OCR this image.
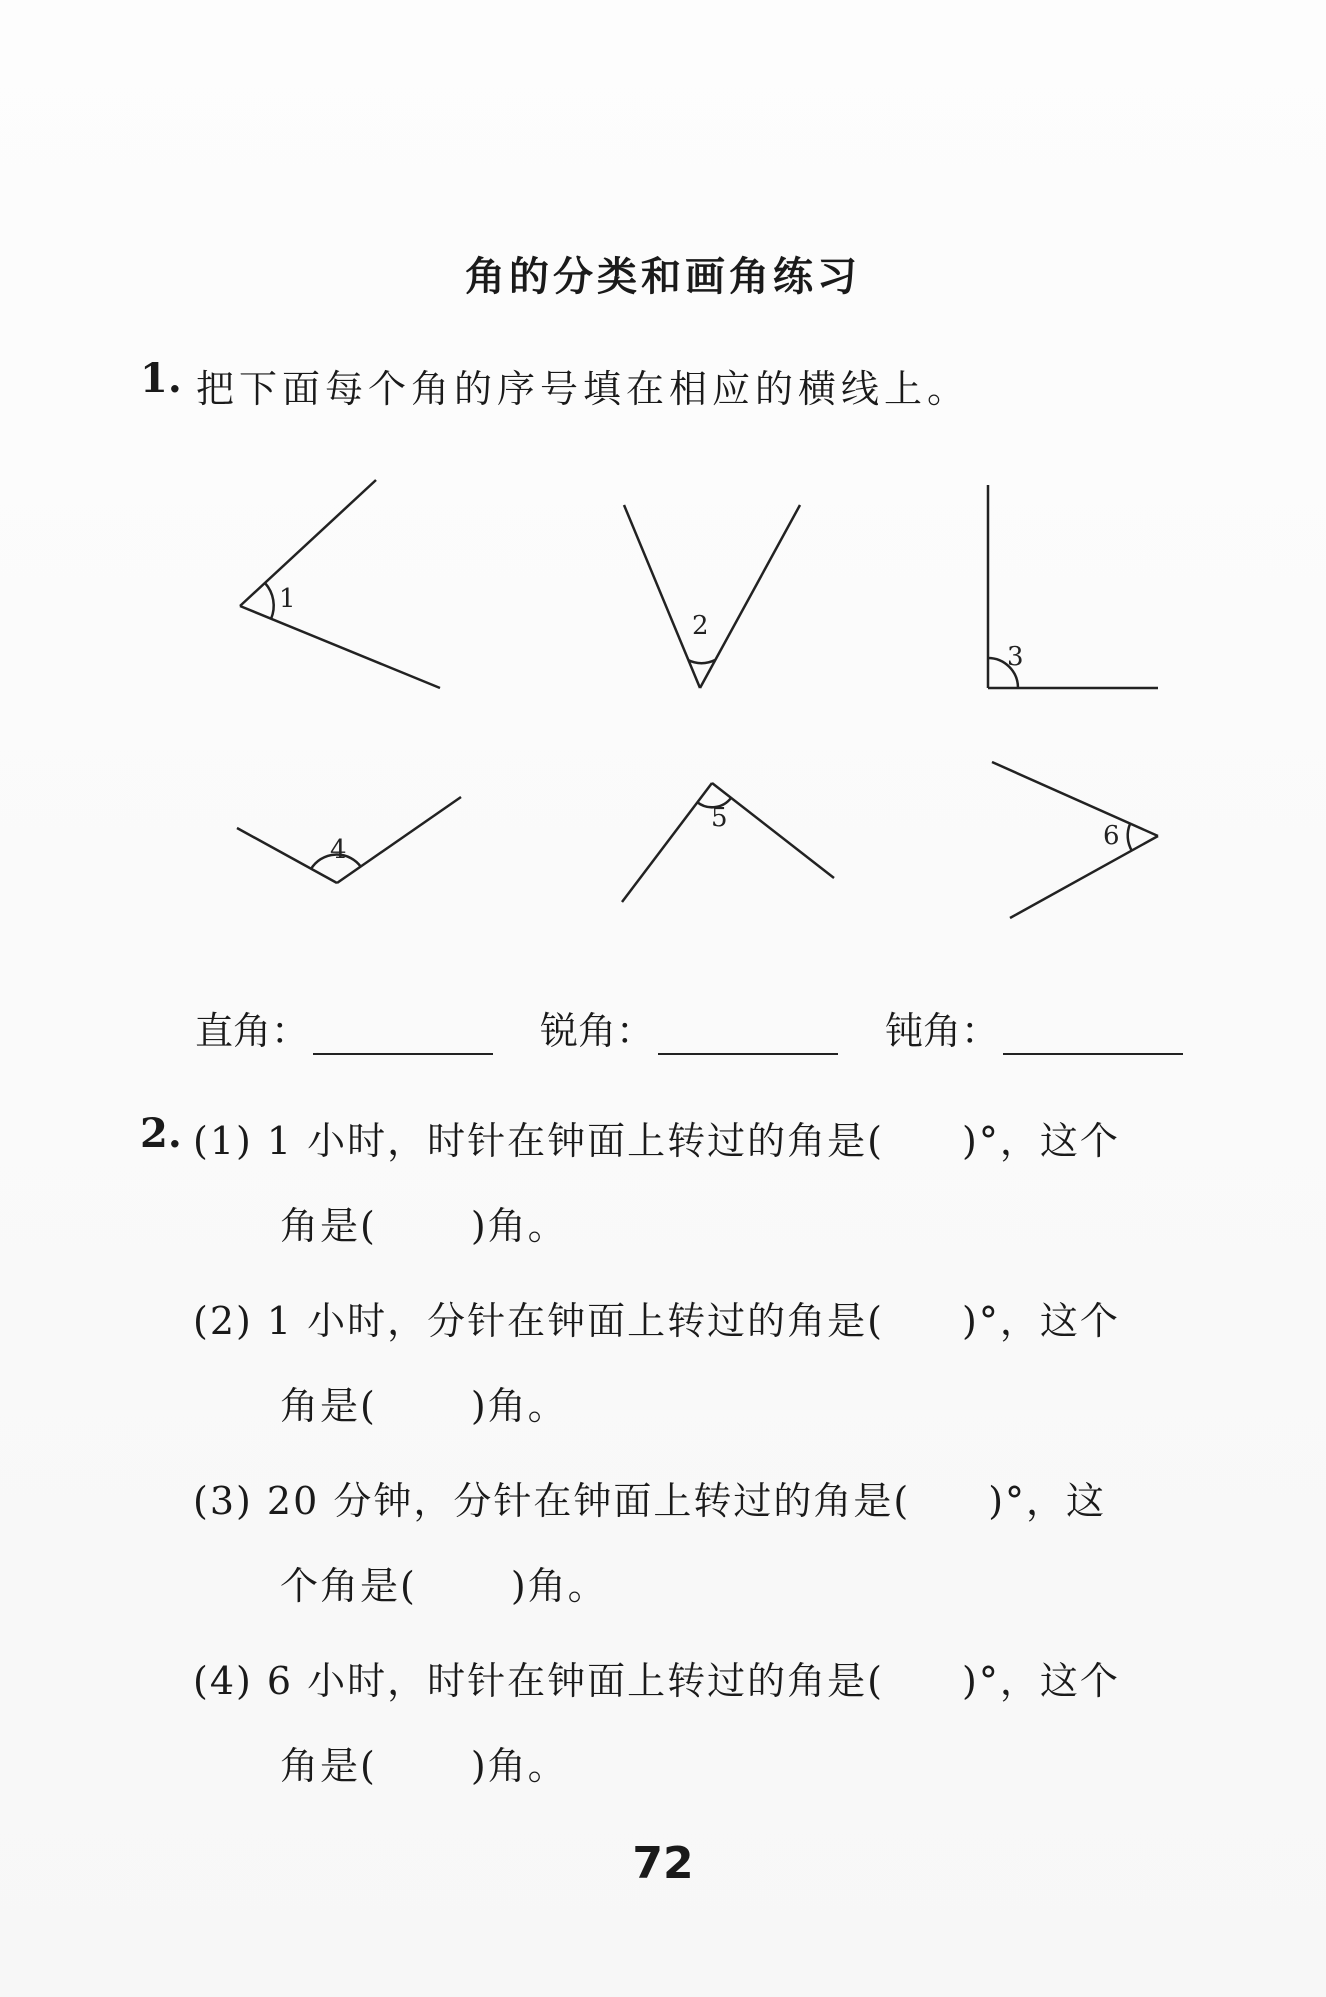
角的分类和画角练习
1. 把下面每个角的序号填在相应的横线上。
1
2
3
4
5
6
直角：	锐角：	钝角：
2. (1) 1 小时，时针在钟面上转过的角是( )°，这个
角是( )角。
(2) 1 小时，分针在钟面上转过的角是( )°，这个
角是( )角。
(3) 20 分钟，分针在钟面上转过的角是( )°，这
个角是( )角。
(4) 6 小时，时针在钟面上转过的角是( )°，这个
角是( )角。
72
